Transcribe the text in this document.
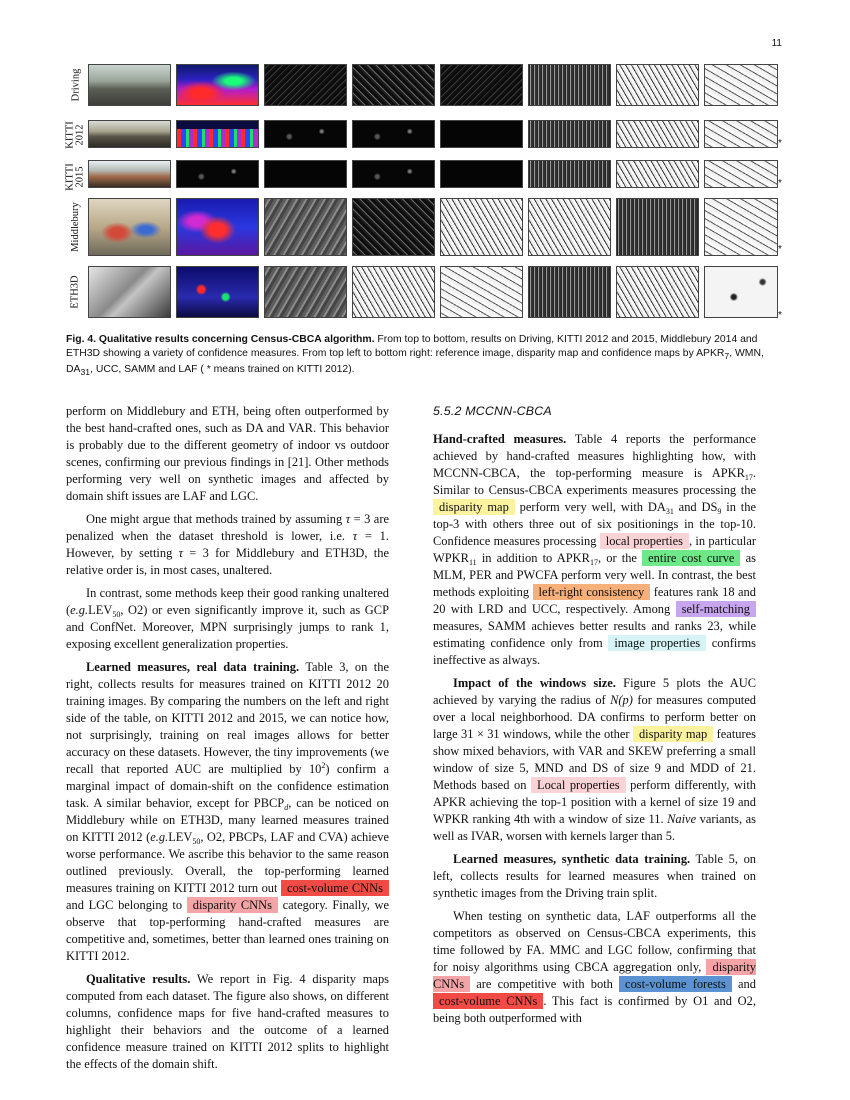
11
Driving
KITTI
2012	*
KITTI
2015	*
Middlebury	*
ETH3D
*
Fig. 4. Qualitative results concerning Census-CBCA algorithm. From top to bottom, results on Driving, KITTI 2012 and 2015, Middlebury 2014 and ETH3D showing a variety of confidence measures. From top left to bottom right: reference image, disparity map and confidence maps by $APKR_7$, WMN, $DA_{31}$, UCC, SAMM and LAF ( * means trained on KITTI 2012).

perform on Middlebury and ETH, being often outperformed by the best hand-crafted ones, such as DA and VAR. This behavior is probably due to the different geometry of indoor vs outdoor scenes, confirming our previous findings in [21]. Other methods performing very well on synthetic images and affected by domain shift issues are LAF and LGC.

One might argue that methods trained by assuming τ = 3 are penalized when the dataset threshold is lower, i.e. τ = 1. However, by setting τ = 3 for Middlebury and ETH3D, the relative order is, in most cases, unaltered.

In contrast, some methods keep their good ranking unaltered ($e.g.LEV_{50}$, O2) or even significantly improve it, such as GCP and ConfNet. Moreover, MPN surprisingly jumps to rank 1, exposing excellent generalization properties.

Learned measures, real data training. Table 3, on the right, collects results for measures trained on KITTI 2012 20 training images. By comparing the numbers on the left and right side of the table, on KITTI 2012 and 2015, we can notice how, not surprisingly, training on real images allows for better accuracy on these datasets. However, the tiny improvements (we recall that reported AUC are multiplied by $10^2$) confirm a marginal impact of domain-shift on the confidence estimation task. A similar behavior, except for $PBCP_d$, can be noticed on Middlebury while on ETH3D, many learned measures trained on KITTI 2012 ($e.g.LEV_{50}$, O2, PBCPs, LAF and CVA) achieve worse performance. We ascribe this behavior to the same reason outlined previously. Overall, the top-performing learned measures training on KITTI 2012 turn out cost-volume CNNs and LGC belonging to disparity CNNs category. Finally, we observe that top-performing hand-crafted measures are competitive and, sometimes, better than learned ones training on KITTI 2012.

Qualitative results. We report in Fig. 4 disparity maps computed from each dataset. The figure also shows, on different columns, confidence maps for five hand-crafted measures to highlight their behaviors and the outcome of a learned confidence measure trained on KITTI 2012 splits to highlight the effects of the domain shift.

5.5.2 MCCNN-CBCA

Hand-crafted measures. Table 4 reports the performance achieved by hand-crafted measures highlighting how, with MCCNN-CBCA, the top-performing measure is $APKR_{17}$. Similar to Census-CBCA experiments measures processing the disparity map perform very well, with $DA_{31}$ and $DS_9$ in the top-3 with others three out of six positionings in the top-10. Confidence measures processing local properties , in particular $WPKR_{11}$ in addition to $APKR_{17}$, or the entire cost curve as MLM, PER and PWCFA perform very well. In contrast, the best methods exploiting left-right consistency features rank 18 and 20 with LRD and UCC, respectively. Among self-matching measures, SAMM achieves better results and ranks 23, while estimating confidence only from image properties confirms ineffective as always.

Impact of the windows size. Figure 5 plots the AUC achieved by varying the radius of N(p) for measures computed over a local neighborhood. DA confirms to perform better on large 31 × 31 windows, while the other disparity map features show mixed behaviors, with VAR and SKEW preferring a small window of size 5, MND and DS of size 9 and MDD of 21. Methods based on Local properties perform differently, with APKR achieving the top-1 position with a kernel of size 19 and WPKR ranking 4th with a window of size 11. Naive variants, as well as IVAR, worsen with kernels larger than 5.

Learned measures, synthetic data training. Table 5, on left, collects results for learned measures when trained on synthetic images from the Driving train split.

When testing on synthetic data, LAF outperforms all the competitors as observed on Census-CBCA experiments, this time followed by FA. MMC and LGC follow, confirming that for noisy algorithms using CBCA aggregation only, disparity CNNs are competitive with both cost-volume forests and cost-volume CNNs . This fact is confirmed by O1 and O2, being both outperformed with
